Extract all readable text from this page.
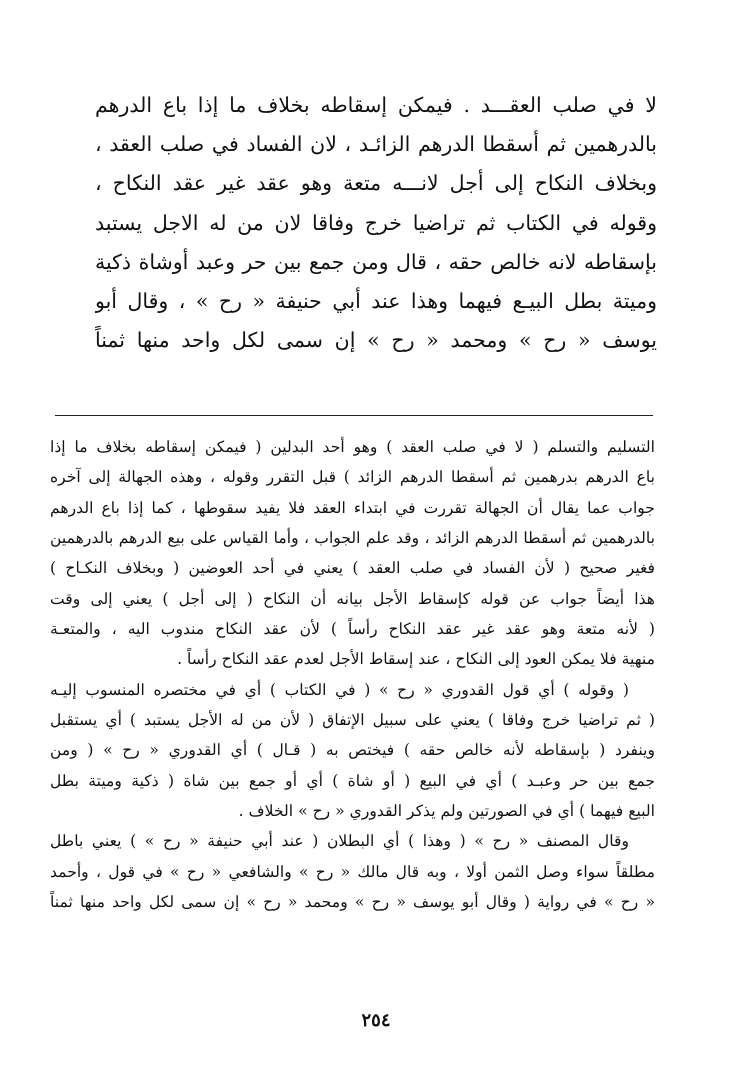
لا في صلب العقـــد . فيمكن إسقاطه بخلاف ما إذا باع الدرهم
بالدرهمين ثم أسقطا الدرهم الزائـد ، لان الفساد في صلب العقد ،
وبخلاف النكاح إلى أجل لانـــه متعة وهو عقد غير عقد النكاح ،
وقوله في الكتاب ثم تراضيا خرج وفاقا لان من له الاجل يستبد
بإسقاطه لانه خالص حقه ، قال ومن جمع بين حر وعبد أوشاة ذكية
وميتة بطل البيـع فيهما وهذا عند أبي حنيفة « رح » ، وقال أبو
يوسف « رح » ومحمد « رح » إن سمى لكل واحد منها ثمناً
التسليم والتسلم ( لا في صلب العقد ) وهو أحد البدلين ( فيمكن إسقاطه بخلاف ما إذا
باع الدرهم بدرهمين ثم أسقطا الدرهم الزائد ) قبل التقرر وقوله ، وهذه الجهالة إلى آخره
جواب عما يقال أن الجهالة تقررت في ابتداء العقد فلا يفيد سقوطها ، كما إذا باع الدرهم
بالدرهمين ثم أسقطا الدرهم الزائد ، وقد علم الجواب ، وأما القياس على بيع الدرهم بالدرهمين
فغير صحيح ( لأن الفساد في صلب العقد ) يعني في أحد العوضين ( وبخلاف النكـاح )
هذا أيضاً جواب عن قوله كإسقاط الأجل بيانه أن النكاح ( إلى أجل ) يعني إلى وقت
( لأنه متعة وهو عقد غير عقد النكاح رأساً ) لأن عقد النكاح مندوب اليه ، والمتعـة
منهية فلا يمكن العود إلى النكاح ، عند إسقاط الأجل لعدم عقد النكاح رأساً .
( وقوله ) أي قول القدوري « رح » ( في الكتاب ) أي في مختصره المنسوب إليـه
( ثم تراضيا خرج وفاقا ) يعني على سبيل الإتفاق ( لأن من له الأجل يستبد ) أي يستقبل
وينفرد ( بإسقاطه لأنه خالص حقه ) فيختص به ( قـال ) أي القدوري « رح » ( ومن
جمع بين حر وعبـد ) أي في البيع ( أو شاة ) أي أو جمع بين شاة ( ذكية وميتة بطل
البيع فيهما ) أي في الصورتين ولم يذكر القدوري « رح » الخلاف .
وقال المصنف « رح » ( وهذا ) أي البطلان ( عند أبي حنيفة « رح » ) يعني باطل
مطلقاً سواء وصل الثمن أولا ، وبه قال مالك « رح » والشافعي « رح » في قول ، وأحمد
« رح » في رواية ( وقال أبو يوسف « رح » ومحمد « رح » إن سمى لكل واحد منها ثمناً
٢٥٤
